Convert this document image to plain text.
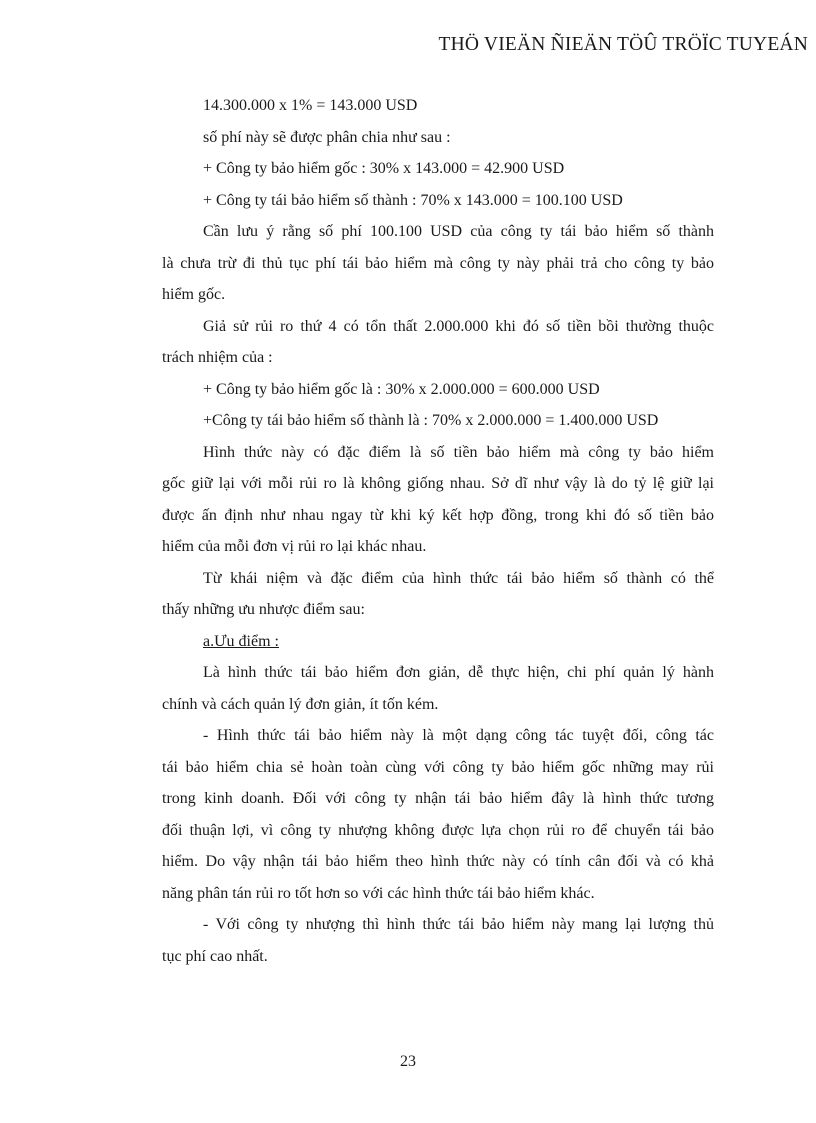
THÖ VIEÄN ÑIEÄN TÖÛ TRÖÏC TUYEÁN
14.300.000 x 1% = 143.000 USD
số phí này sẽ được phân chia như sau :
+ Công ty bảo hiểm gốc : 30% x 143.000 = 42.900 USD
+ Công ty tái bảo hiểm số thành : 70% x 143.000 = 100.100 USD
Cần lưu ý rằng số phí 100.100 USD của công ty tái bảo hiểm số thành
là chưa trừ đi thủ tục phí tái bảo hiểm mà công ty này phải trả cho công ty bảo
hiểm gốc.
Giả sử rủi ro thứ 4 có tổn thất 2.000.000 khi đó số tiền bồi thường thuộc
trách nhiệm của :
+ Công ty bảo hiểm gốc là : 30% x 2.000.000 = 600.000 USD
+Công ty tái bảo hiểm số thành là : 70% x 2.000.000 = 1.400.000 USD
Hình thức này có đặc điểm là số tiền bảo hiểm mà công ty bảo hiểm
gốc giữ lại với mỗi rủi ro là không giống nhau. Sở dĩ như vậy là do tỷ lệ giữ lại
được ấn định như nhau ngay từ khi ký kết hợp đồng, trong khi đó số tiền bảo
hiểm của mỗi đơn vị rủi ro lại khác nhau.
Từ khái niệm và đặc điểm của hình thức tái bảo hiểm số thành có thể
thấy những ưu nhược điểm sau:
a.Ưu điểm :
Là hình thức tái bảo hiểm đơn giản, dễ thực hiện, chi phí quản lý hành
chính và cách quản lý đơn giản, ít tốn kém.
- Hình thức tái bảo hiểm này là một dạng công tác tuyệt đối, công tác
tái bảo hiểm chia sẻ hoàn toàn cùng với công ty bảo hiểm gốc những may rủi
trong kinh doanh. Đối với công ty nhận tái bảo hiểm đây là hình thức tương
đối thuận lợi, vì công ty nhượng không được lựa chọn rủi ro để chuyển tái bảo
hiểm. Do vậy nhận tái bảo hiểm theo hình thức này có tính cân đối và có khả
năng phân tán rủi ro tốt hơn so với các hình thức tái bảo hiểm khác.
- Với công ty nhượng thì hình thức tái bảo hiểm này mang lại lượng thủ
tục phí cao nhất.
23
